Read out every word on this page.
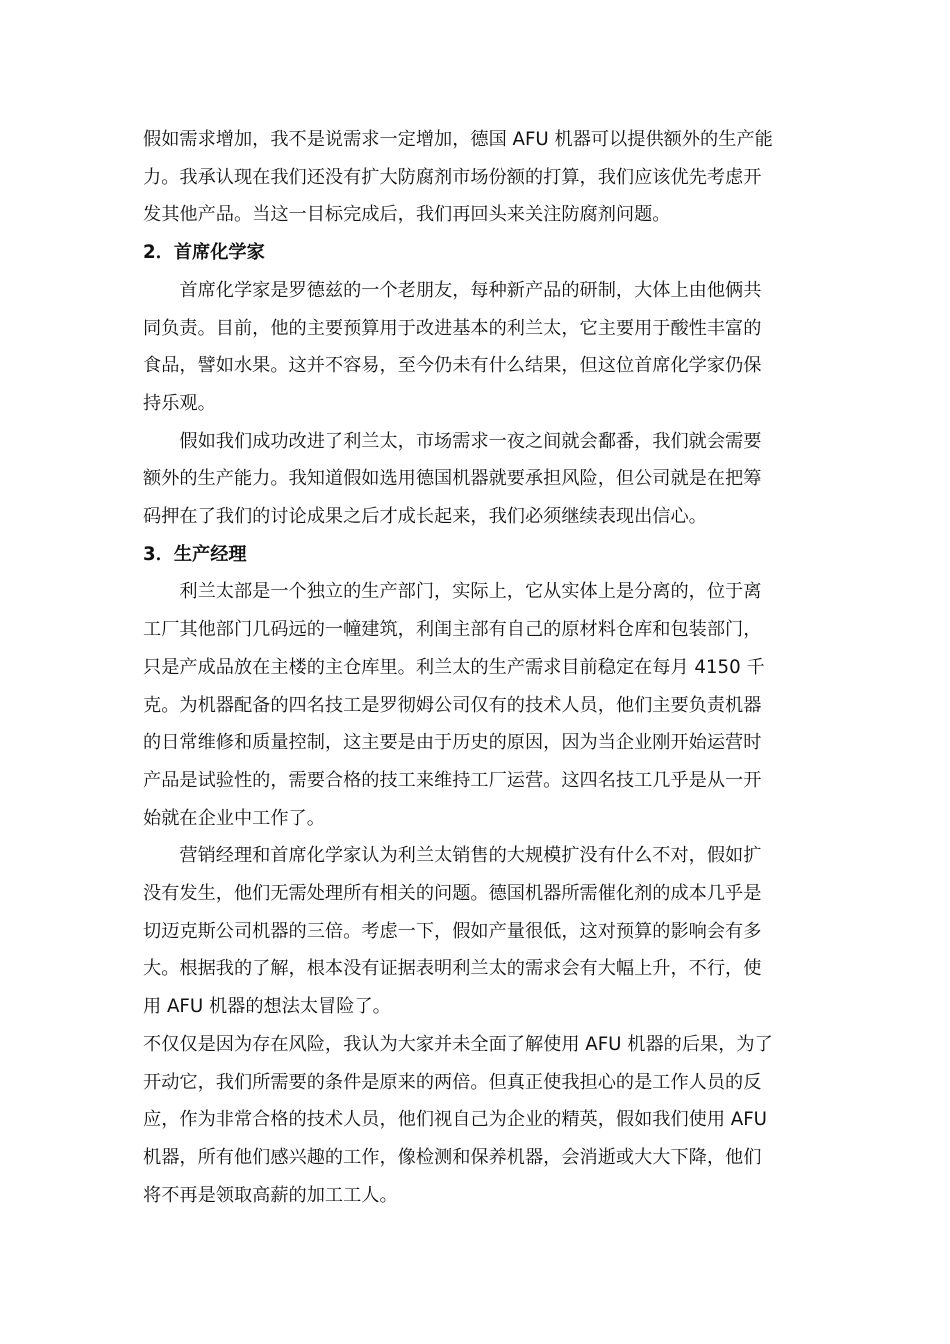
假如需求增加，我不是说需求一定增加，德国 AFU 机器可以提供额外的生产能
力。我承认现在我们还没有扩大防腐剂市场份额的打算，我们应该优先考虑开
发其他产品。当这一目标完成后，我们再回头来关注防腐剂问题。

2．首席化学家

首席化学家是罗德兹的一个老朋友，每种新产品的研制，大体上由他俩共
同负责。目前，他的主要预算用于改进基本的利兰太，它主要用于酸性丰富的
食品，譬如水果。这并不容易，至今仍未有什么结果，但这位首席化学家仍保
持乐观。

假如我们成功改进了利兰太，市场需求一夜之间就会鄱番，我们就会需要
额外的生产能力。我知道假如选用德国机器就要承担风险，但公司就是在把筹
码押在了我们的讨论成果之后才成长起来，我们必须继续表现出信心。

3．生产经理

利兰太部是一个独立的生产部门，实际上，它从实体上是分离的，位于离
工厂其他部门几码远的一幢建筑，利闺主部有自己的原材料仓库和包装部门，
只是产成品放在主楼的主仓库里。利兰太的生产需求目前稳定在每月 4150 千
克。为机器配备的四名技工是罗彻姆公司仅有的技术人员，他们主要负责机器
的日常维修和质量控制，这主要是由于历史的原因，因为当企业刚开始运营时
产品是试验性的，需要合格的技工来维持工厂运营。这四名技工几乎是从一开
始就在企业中工作了。

营销经理和首席化学家认为利兰太销售的大规模扩没有什么不对，假如扩
没有发生，他们无需处理所有相关的问题。德国机器所需催化剂的成本几乎是
切迈克斯公司机器的三倍。考虑一下，假如产量很低，这对预算的影响会有多
大。根据我的了解，根本没有证据表明利兰太的需求会有大幅上升，不行，使
用 AFU 机器的想法太冒险了。

不仅仅是因为存在风险，我认为大家并未全面了解使用 AFU 机器的后果，为了
开动它，我们所需要的条件是原来的两倍。但真正使我担心的是工作人员的反
应，作为非常合格的技术人员，他们视自己为企业的精英，假如我们使用 AFU
机器，所有他们感兴趣的工作，像检测和保养机器，会消逝或大大下降，他们
将不再是领取高薪的加工工人。
